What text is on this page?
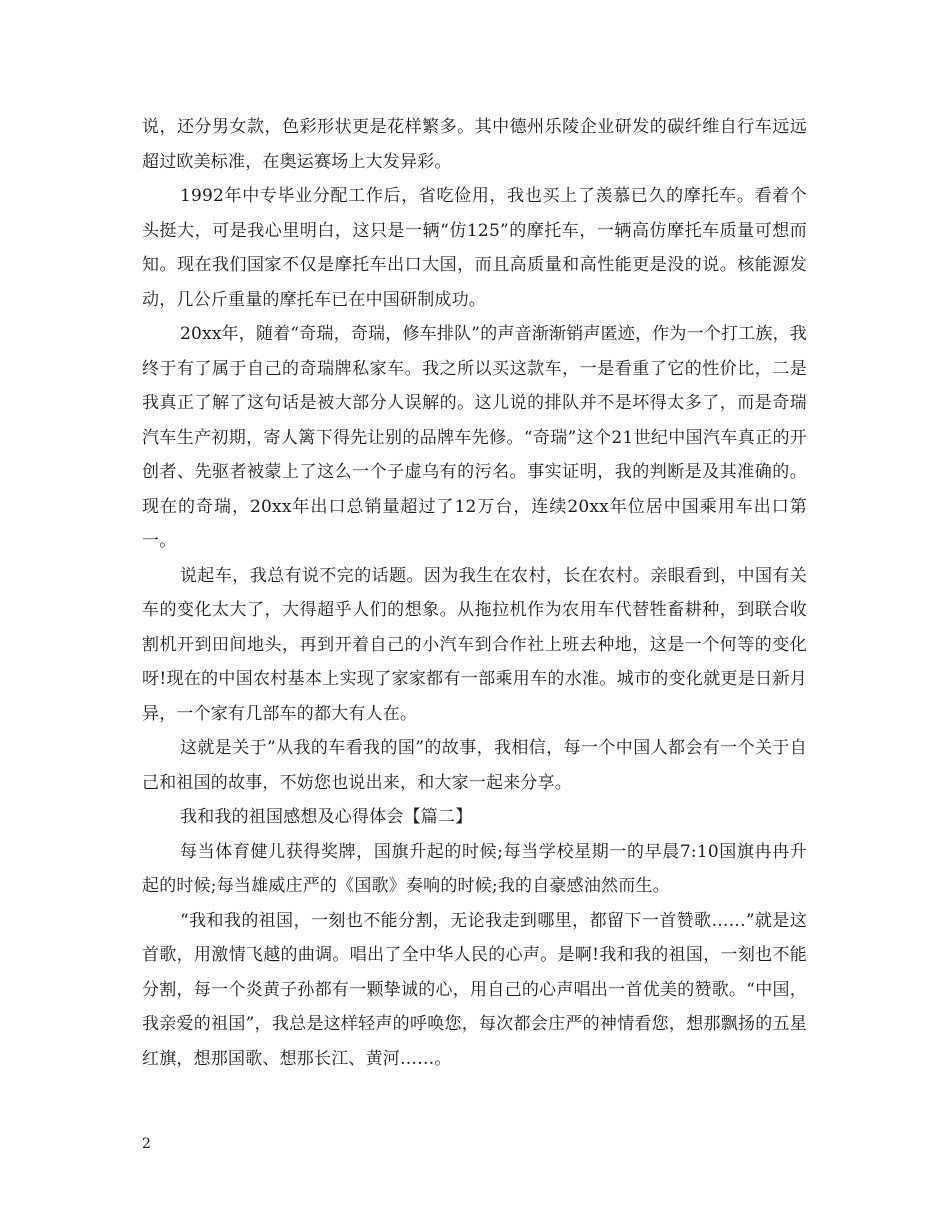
说，还分男女款，色彩形状更是花样繁多。其中德州乐陵企业研发的碳纤维自行车远远超过欧美标准，在奥运赛场上大发异彩。

1992年中专毕业分配工作后，省吃俭用，我也买上了羡慕已久的摩托车。看着个头挺大，可是我心里明白，这只是一辆“仿125”的摩托车，一辆高仿摩托车质量可想而知。现在我们国家不仅是摩托车出口大国，而且高质量和高性能更是没的说。核能源发动，几公斤重量的摩托车已在中国研制成功。

20xx年，随着“奇瑞，奇瑞，修车排队”的声音渐渐销声匿迹，作为一个打工族，我终于有了属于自己的奇瑞牌私家车。我之所以买这款车，一是看重了它的性价比，二是我真正了解了这句话是被大部分人误解的。这儿说的排队并不是坏得太多了，而是奇瑞汽车生产初期，寄人篱下得先让别的品牌车先修。“奇瑞”这个21世纪中国汽车真正的开创者、先驱者被蒙上了这么一个子虚乌有的污名。事实证明，我的判断是及其准确的。现在的奇瑞，20xx年出口总销量超过了12万台，连续20xx年位居中国乘用车出口第一。

说起车，我总有说不完的话题。因为我生在农村，长在农村。亲眼看到，中国有关车的变化太大了，大得超乎人们的想象。从拖拉机作为农用车代替牲畜耕种，到联合收割机开到田间地头，再到开着自己的小汽车到合作社上班去种地，这是一个何等的变化呀!现在的中国农村基本上实现了家家都有一部乘用车的水准。城市的变化就更是日新月异，一个家有几部车的都大有人在。

这就是关于”从我的车看我的国”的故事，我相信，每一个中国人都会有一个关于自己和祖国的故事，不妨您也说出来，和大家一起来分享。

我和我的祖国感想及心得体会【篇二】

每当体育健儿获得奖牌，国旗升起的时候;每当学校星期一的早晨7:10国旗冉冉升起的时候;每当雄威庄严的《国歌》奏响的时候;我的自豪感油然而生。

“我和我的祖国，一刻也不能分割，无论我走到哪里，都留下一首赞歌……”就是这首歌，用激情飞越的曲调。唱出了全中华人民的心声。是啊!我和我的祖国，一刻也不能分割，每一个炎黄子孙都有一颗挚诚的心，用自己的心声唱出一首优美的赞歌。“中国，我亲爱的祖国”，我总是这样轻声的呼唤您，每次都会庄严的神情看您，想那飘扬的五星红旗，想那国歌、想那长江、黄河……。

2
